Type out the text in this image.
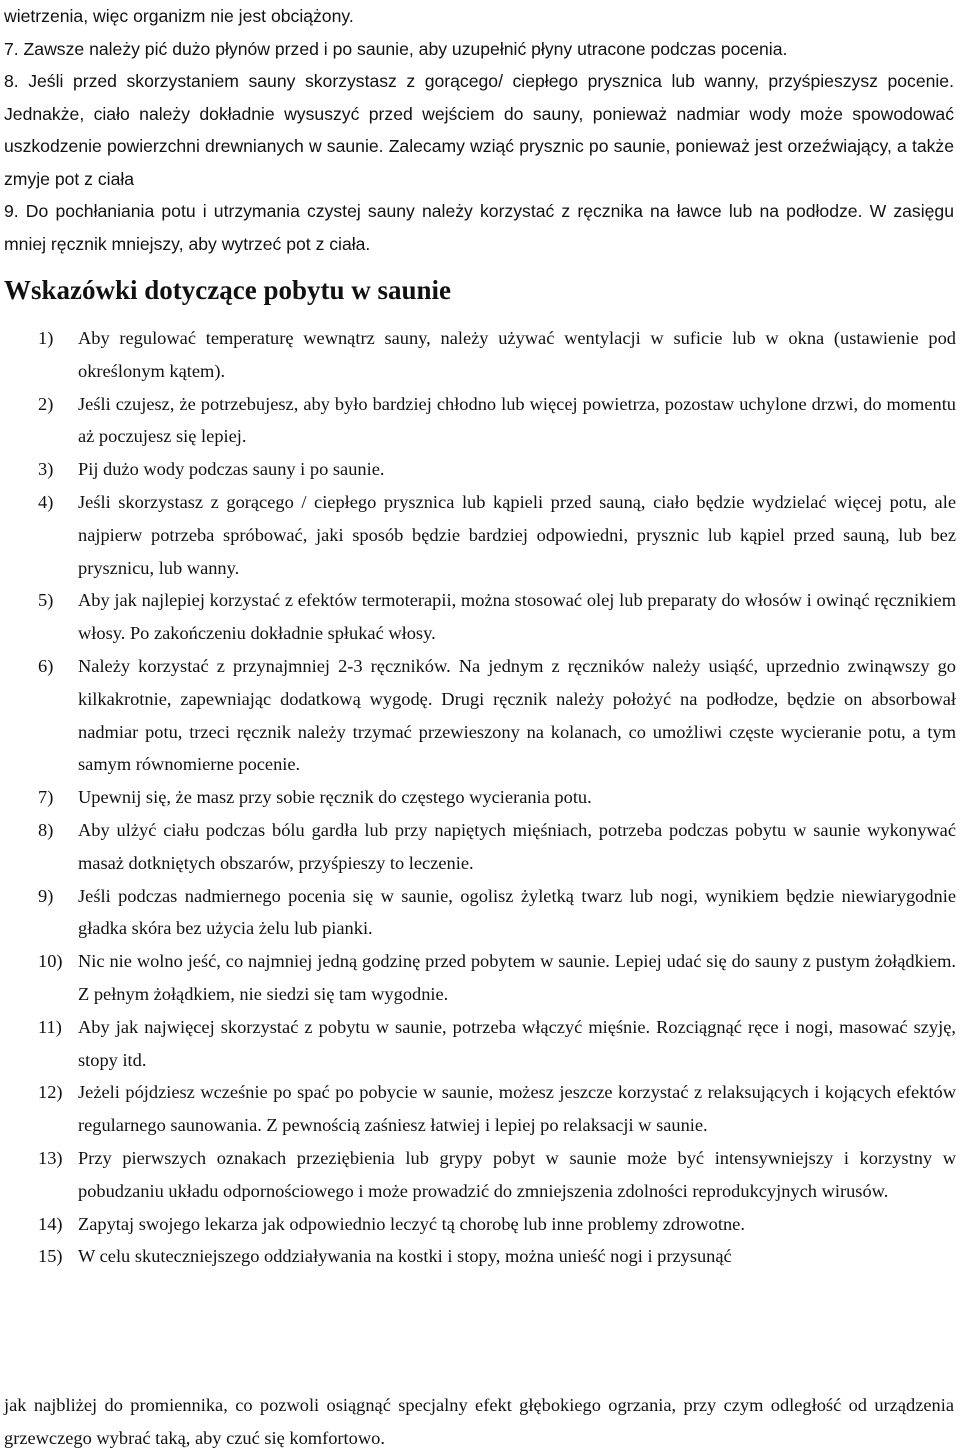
wietrzenia, więc organizm nie jest obciążony.

7. Zawsze należy pić dużo płynów przed i po saunie, aby uzupełnić płyny utracone podczas pocenia.

8. Jeśli przed skorzystaniem sauny skorzystasz z gorącego/ ciepłego prysznica lub wanny, przyśpieszysz pocenie. Jednakże, ciało należy dokładnie wysuszyć przed wejściem do sauny, ponieważ nadmiar wody może spowodować uszkodzenie powierzchni drewnianych w saunie. Zalecamy wziąć prysznic po saunie, ponieważ jest orzeźwiający, a także zmyje pot z ciała

9. Do pochłaniania potu i utrzymania czystej sauny należy korzystać z ręcznika na ławce lub na podłodze. W zasięgu mniej ręcznik mniejszy, aby wytrzeć pot z ciała.

Wskazówki dotyczące pobytu w saunie
1) Aby regulować temperaturę wewnątrz sauny, należy używać wentylacji w suficie lub w okna (ustawienie pod określonym kątem).
2) Jeśli czujesz, że potrzebujesz, aby było bardziej chłodno lub więcej powietrza, pozostaw uchylone drzwi, do momentu aż poczujesz się lepiej.
3) Pij dużo wody podczas sauny i po saunie.
4) Jeśli skorzystasz z gorącego / ciepłego prysznica lub kąpieli przed sauną, ciało będzie wydzielać więcej potu, ale najpierw potrzeba spróbować, jaki sposób będzie bardziej odpowiedni, prysznic lub kąpiel przed sauną, lub bez prysznicu, lub wanny.
5) Aby jak najlepiej korzystać z efektów termoterapii, można stosować olej lub preparaty do włosów i owinąć ręcznikiem włosy. Po zakończeniu dokładnie spłukać włosy.
6) Należy korzystać z przynajmniej 2-3 ręczników. Na jednym z ręczników należy usiąść, uprzednio zwinąwszy go kilkakrotnie, zapewniając dodatkową wygodę. Drugi ręcznik należy położyć na podłodze, będzie on absorbował nadmiar potu, trzeci ręcznik należy trzymać przewieszony na kolanach, co umożliwi częste wycieranie potu, a tym samym równomierne pocenie.
7) Upewnij się, że masz przy sobie ręcznik do częstego wycierania potu.
8) Aby ulżyć ciału podczas bólu gardła lub przy napiętych mięśniach, potrzeba podczas pobytu w saunie wykonywać masaż dotkniętych obszarów, przyśpieszy to leczenie.
9) Jeśli podczas nadmiernego pocenia się w saunie, ogolisz żyletką twarz lub nogi, wynikiem będzie niewiarygodnie gładka skóra bez użycia żelu lub pianki.
10) Nic nie wolno jeść, co najmniej jedną godzinę przed pobytem w saunie. Lepiej udać się do sauny z pustym żołądkiem. Z pełnym żołądkiem, nie siedzi się tam wygodnie.
11) Aby jak najwięcej skorzystać z pobytu w saunie, potrzeba włączyć mięśnie. Rozciągnąć ręce i nogi, masować szyję, stopy itd.
12) Jeżeli pójdziesz wcześnie po spać po pobycie w saunie, możesz jeszcze korzystać z relaksujących i kojących efektów regularnego saunowania. Z pewnością zaśniesz łatwiej i lepiej po relaksacji w saunie.
13) Przy pierwszych oznakach przeziębienia lub grypy pobyt w saunie może być intensywniejszy i korzystny w pobudzaniu układu odpornościowego i może prowadzić do zmniejszenia zdolności reprodukcyjnych wirusów.
14) Zapytaj swojego lekarza jak odpowiednio leczyć tą chorobę lub inne problemy zdrowotne.
15) W celu skuteczniejszego oddziaływania na kostki i stopy, można unieść nogi i przysunąć

jak najbliżej do promiennika, co pozwoli osiągnąć specjalny efekt głębokiego ogrzania, przy czym odległość od urządzenia grzewczego wybrać taką, aby czuć się komfortowo.
